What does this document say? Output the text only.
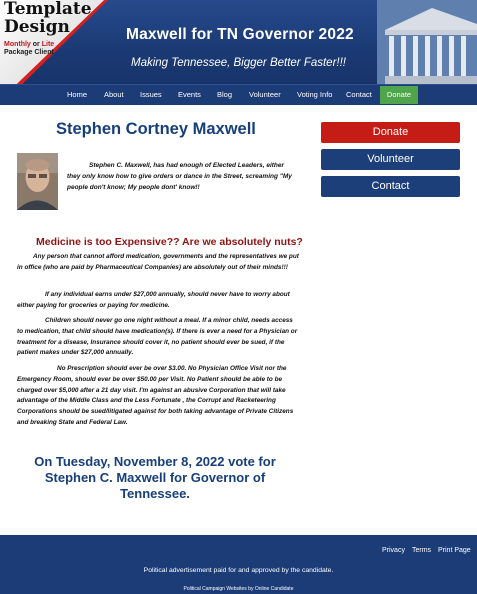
Template
Design
Monthly or Lite
Package Client
Maxwell for TN Governor 2022
Making Tennessee, Bigger Better Faster!!!
Home About Issues Events Blog Volunteer Voting Info Contact	Donate
Stephen Cortney Maxwell
Stephen C. Maxwell, has had enough of Elected Leaders, either they only know how to give orders or dance in the Street, screaming "My people don't know; My people dont' know!!
Donate
Volunteer
Contact
Medicine is too Expensive?? Are we absolutely nuts?
Any person that cannot afford medication, governments and the representatives we put in office (who are paid by Pharmaceutical Companies) are absolutely out of their minds!!!
If any individual earns under $27,000 annually, should never have to worry about either paying for groceries or paying for medicine.
Children should never go one night without a meal. If a minor child, needs access to medication, that child should have medication(s). If there is ever a need for a Physician or treatment for a disease, Insurance should cover it, no patient should ever be sued, if the patient makes under $27,000 annually.
No Prescription should ever be over $3.00. No Physician Office Visit nor the Emergency Room, should ever be over $50.00 per Visit. No Patient should be able to be charged over $5,000 after a 21 day visit. I'm against an abusive Corporation that will take advantage of the Middle Class and the Less Fortunate , the Corrupt and Racketeering Corporations should be sued/litigated against for both taking advantage of Private Citizens and breaking State and Federal Law.
On Tuesday, November 8, 2022 vote for Stephen C. Maxwell for Governor of Tennessee.
Privacy Terms Print Page
Political advertisement paid for and approved by the candidate.
Political Campaign Websites by Online Candidate
